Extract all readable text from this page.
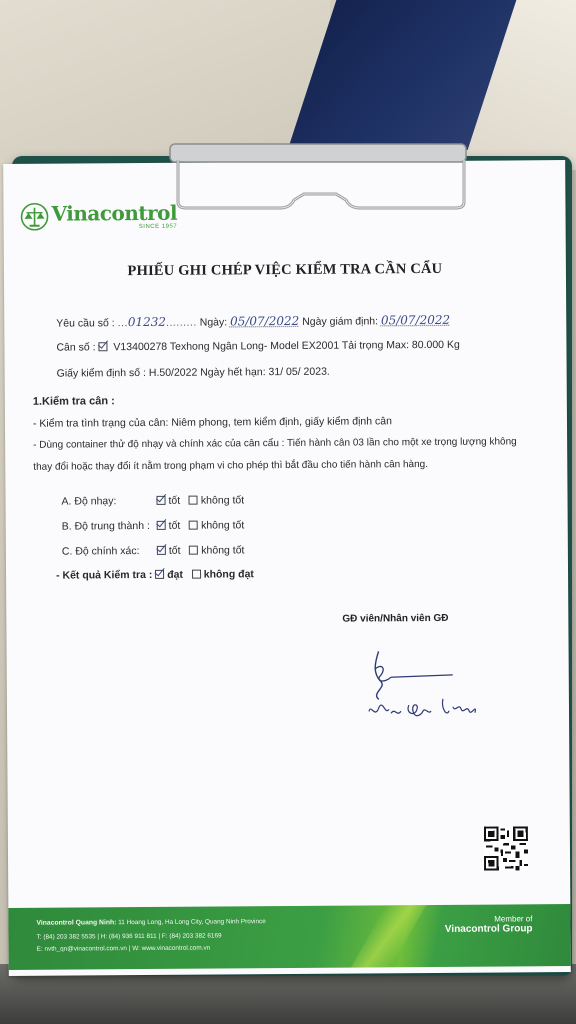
Vinacontrol
SINCE 1957
PHIẾU GHI CHÉP VIỆC KIỂM TRA CẦN CẨU
Yêu cầu số : ...01232......... Ngày: 05/07/2022 Ngày giám định: 05/07/2022
Cân số : V13400278 Texhong Ngân Long- Model EX2001 Tải trọng Max: 80.000 Kg
Giấy kiểm định số : H.50/2022 Ngày hết hạn: 31/ 05/ 2023.
1.Kiểm tra cân :
- Kiểm tra tình trạng của cân: Niêm phong, tem kiểm định, giấy kiểm định cân
- Dùng container thử độ nhạy và chính xác của cân cẩu : Tiến hành cân 03 lần cho một xe trọng lượng không
thay đổi hoặc thay đổi ít nằm trong phạm vi cho phép thì bắt đầu cho tiến hành cân hàng.
A. Độ nhạy:	tốt không tốt
B. Độ trung thành : tốt không tốt
C. Độ chính xác:	tốt không tốt
- Kết quả Kiểm tra : đạt không đạt
GĐ viên/Nhân viên GĐ
Vinacontrol Quang Ninh: 11 Hoang Long, Ha Long City, Quang Ninh Province
T: (84) 203 382 5535 | H: (84) 936 911 811 | F: (84) 203 382 6169
E: nvth_qn@vinacontrol.com.vn | W: www.vinacontrol.com.vn
Member of
Vinacontrol Group
